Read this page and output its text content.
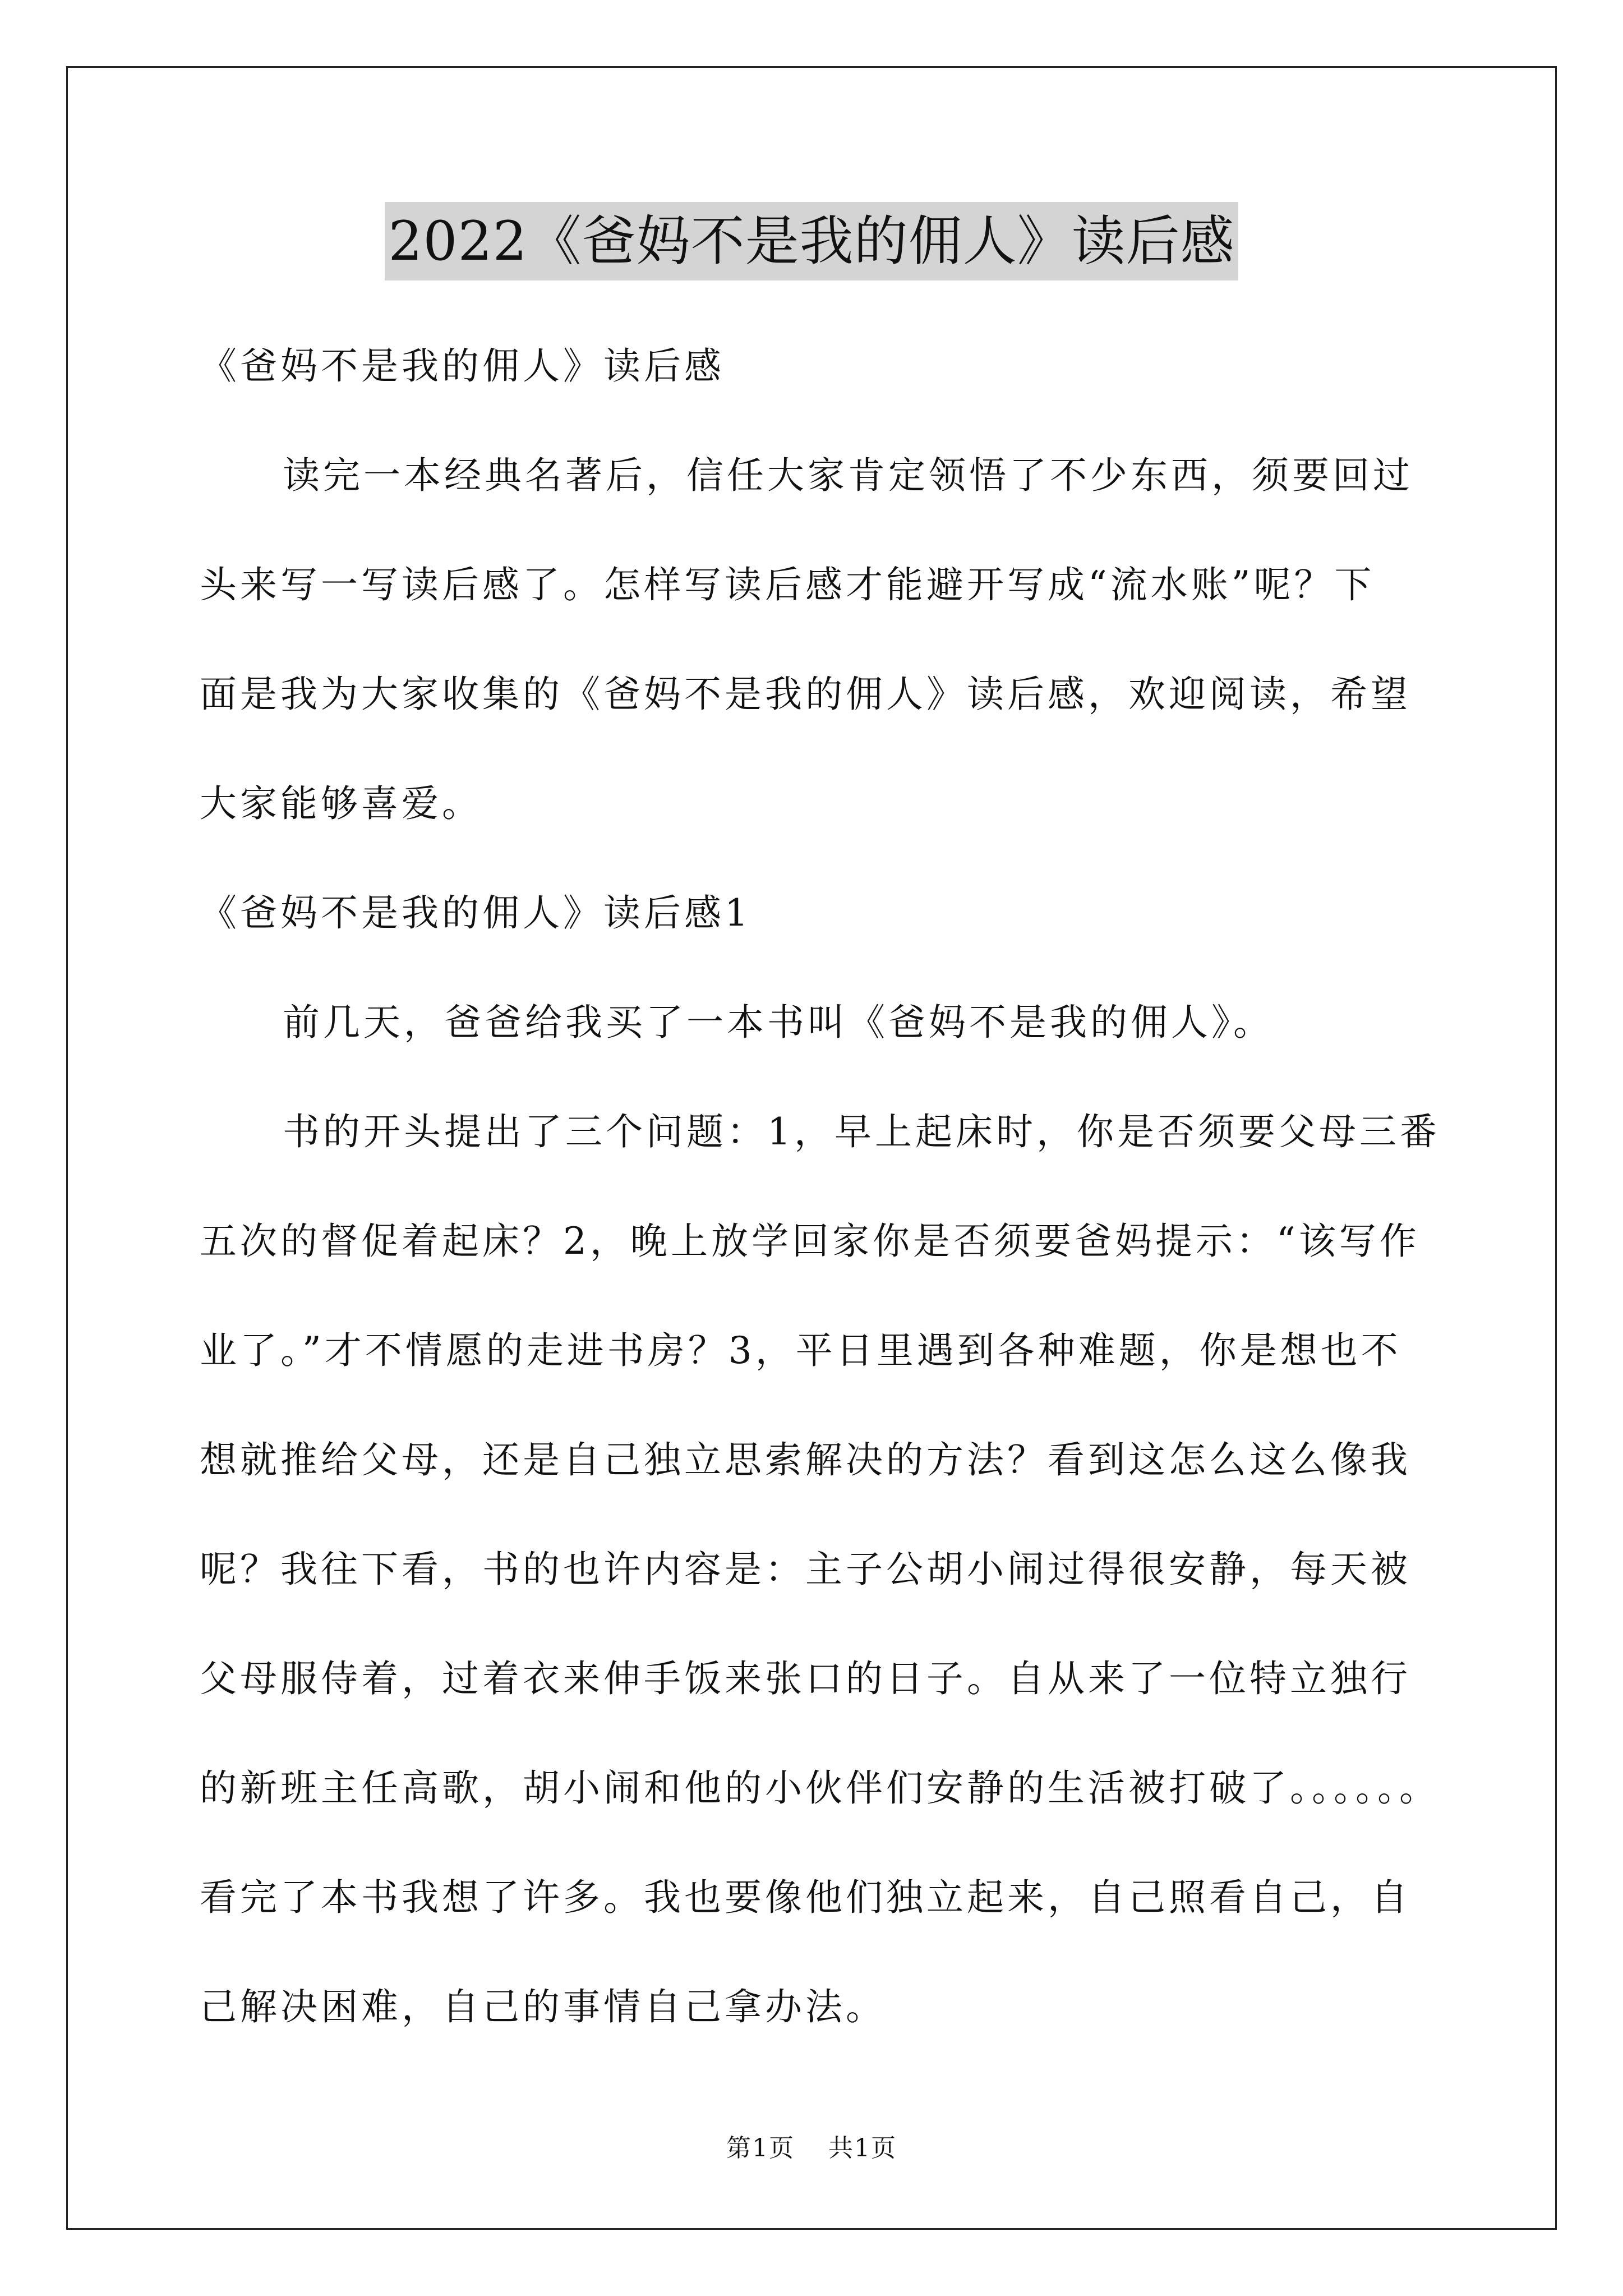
2022《爸妈不是我的佣人》读后感

《爸妈不是我的佣人》读后感

读完一本经典名著后，信任大家肯定领悟了不少东西，须要回过
头来写一写读后感了。怎样写读后感才能避开写成“流水账”呢？下
面是我为大家收集的《爸妈不是我的佣人》读后感，欢迎阅读，希望
大家能够喜爱。

《爸妈不是我的佣人》读后感1

前几天，爸爸给我买了一本书叫《爸妈不是我的佣人》。

书的开头提出了三个问题：1，早上起床时，你是否须要父母三番
五次的督促着起床？2，晚上放学回家你是否须要爸妈提示：“该写作
业了。”才不情愿的走进书房？3，平日里遇到各种难题，你是想也不
想就推给父母，还是自己独立思索解决的方法？看到这怎么这么像我
呢？我往下看，书的也许内容是：主子公胡小闹过得很安静，每天被
父母服侍着，过着衣来伸手饭来张口的日子。自从来了一位特立独行
的新班主任高歌，胡小闹和他的小伙伴们安静的生活被打破了。。。。。。
看完了本书我想了许多。我也要像他们独立起来，自己照看自己，自
己解决困难，自己的事情自己拿办法。

第1页 共1页
